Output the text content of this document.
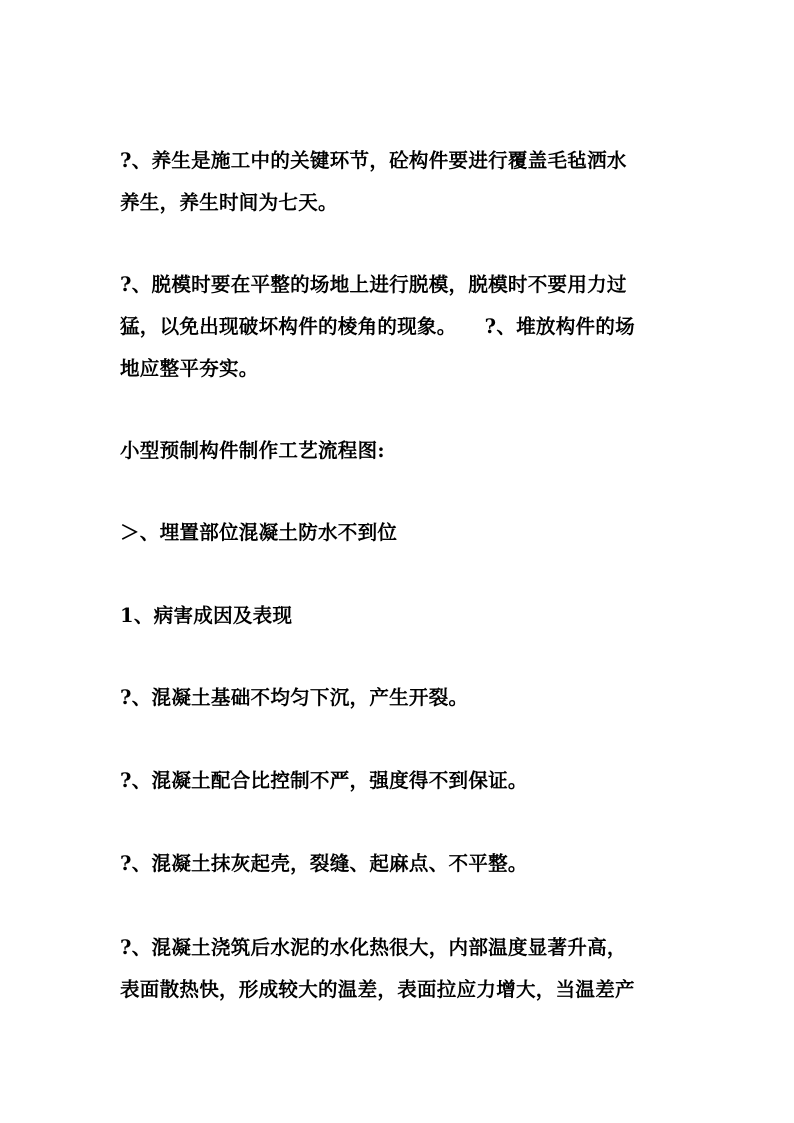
?、养生是施工中的关键环节，砼构件要进行覆盖毛毡洒水
养生，养生时间为七天。
?、脱模时要在平整的场地上进行脱模，脱模时不要用力过
猛，以免出现破坏构件的棱角的现象。 ?、堆放构件的场
地应整平夯实。
小型预制构件制作工艺流程图:
＞、埋置部位混凝土防水不到位
1、病害成因及表现
?、混凝土基础不均匀下沉，产生开裂。
?、混凝土配合比控制不严，强度得不到保证。
?、混凝土抹灰起壳，裂缝、起麻点、不平整。
?、混凝土浇筑后水泥的水化热很大，内部温度显著升高，
表面散热快，形成较大的温差，表面拉应力增大，当温差产
